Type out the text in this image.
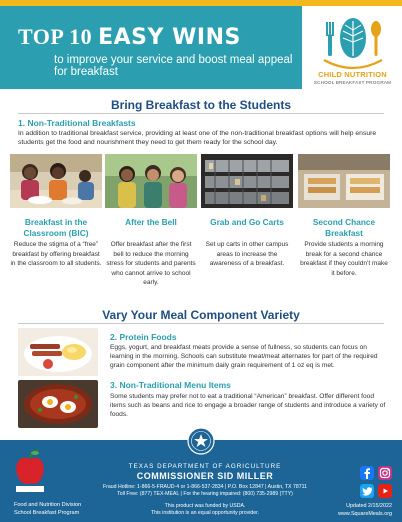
TOP 10 EASY WINS
to improve your service and boost meal appeal for breakfast	CHILD NUTRITION
SCHOOL BREAKFAST PROGRAM
Bring Breakfast to the Students
1. Non-Traditional Breakfasts
In addition to traditional breakfast service, providing at least one of the non-traditional breakfast options will help ensure students get the food and nourishment they need to get them ready for the school day.
Breakfast in the Classroom (BIC)
After the Bell	Grab and Go Carts	Second Chance Breakfast
Reduce the stigma of a “free” breakfast by offering breakfast in the classroom to all students.
Offer breakfast after the first bell to reduce the morning stress for students and parents who cannot arrive to school early.
Set up carts in other campus areas to increase the awareness of a breakfast.
Provide students a morning break for a second chance breakfast if they couldn’t make it before.
Vary Your Meal Component Variety
2. Protein Foods
Eggs, yogurt, and breakfast meats provide a sense of fullness, so students can focus on learning in the morning. Schools can substitute meat/meat alternates for part of the required grain component after the minimum daily grain requirement of 1 oz eq is met.
3. Non-Traditional Menu Items
Some students may prefer not to eat a traditional “American” breakfast. Offer different food items such as beans and rice to engage a broader range of students and introduce a variety of foods.
Food and Nutrition Division
School Breakfast Program
TEXAS DEPARTMENT OF AGRICULTURE
COMMISSIONER SID MILLER
Fraud Hotline: 1-866-5-FRAUD-4 or 1-866-537-2834 | P.O. Box 12847 | Austin, TX 78711
Toll Free: (877) TEX-MEAL | For the hearing impaired: (800) 735-2989 (TTY)
This product was funded by USDA.
This institution is an equal opportunity provider.
Updated 2/15/2022
www.SquareMeals.org
